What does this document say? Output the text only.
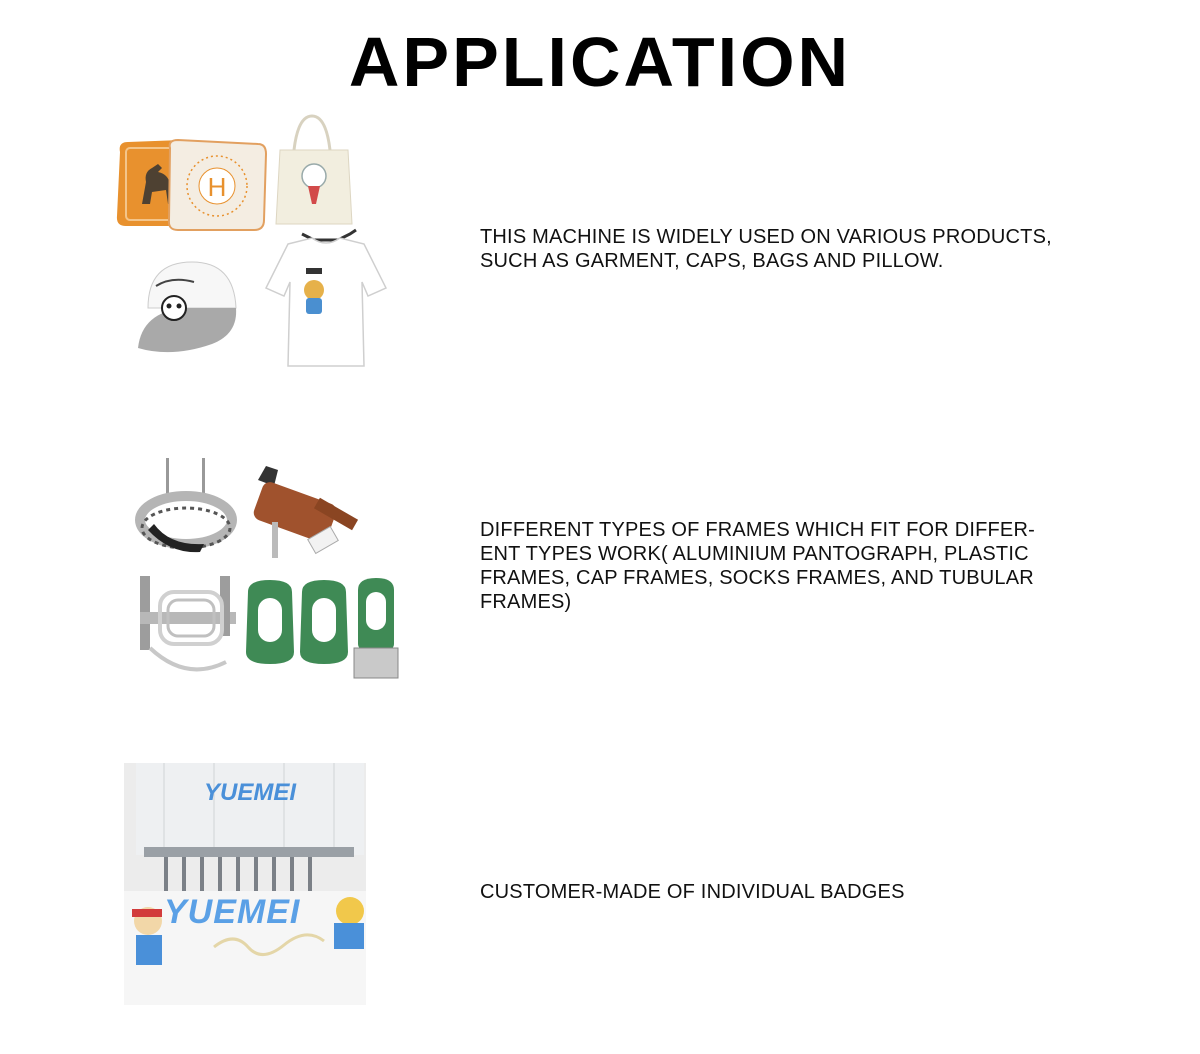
APPLICATION
H
THIS MACHINE IS WIDELY USED ON VARIOUS PRODUCTS,
SUCH AS GARMENT, CAPS, BAGS AND PILLOW.
DIFFERENT TYPES OF FRAMES WHICH FIT FOR DIFFER-
ENT TYPES WORK( ALUMINIUM PANTOGRAPH, PLASTIC
FRAMES, CAP FRAMES, SOCKS FRAMES, AND TUBULAR
FRAMES)
YUEMEI
YUEMEI
CUSTOMER-MADE OF INDIVIDUAL BADGES
